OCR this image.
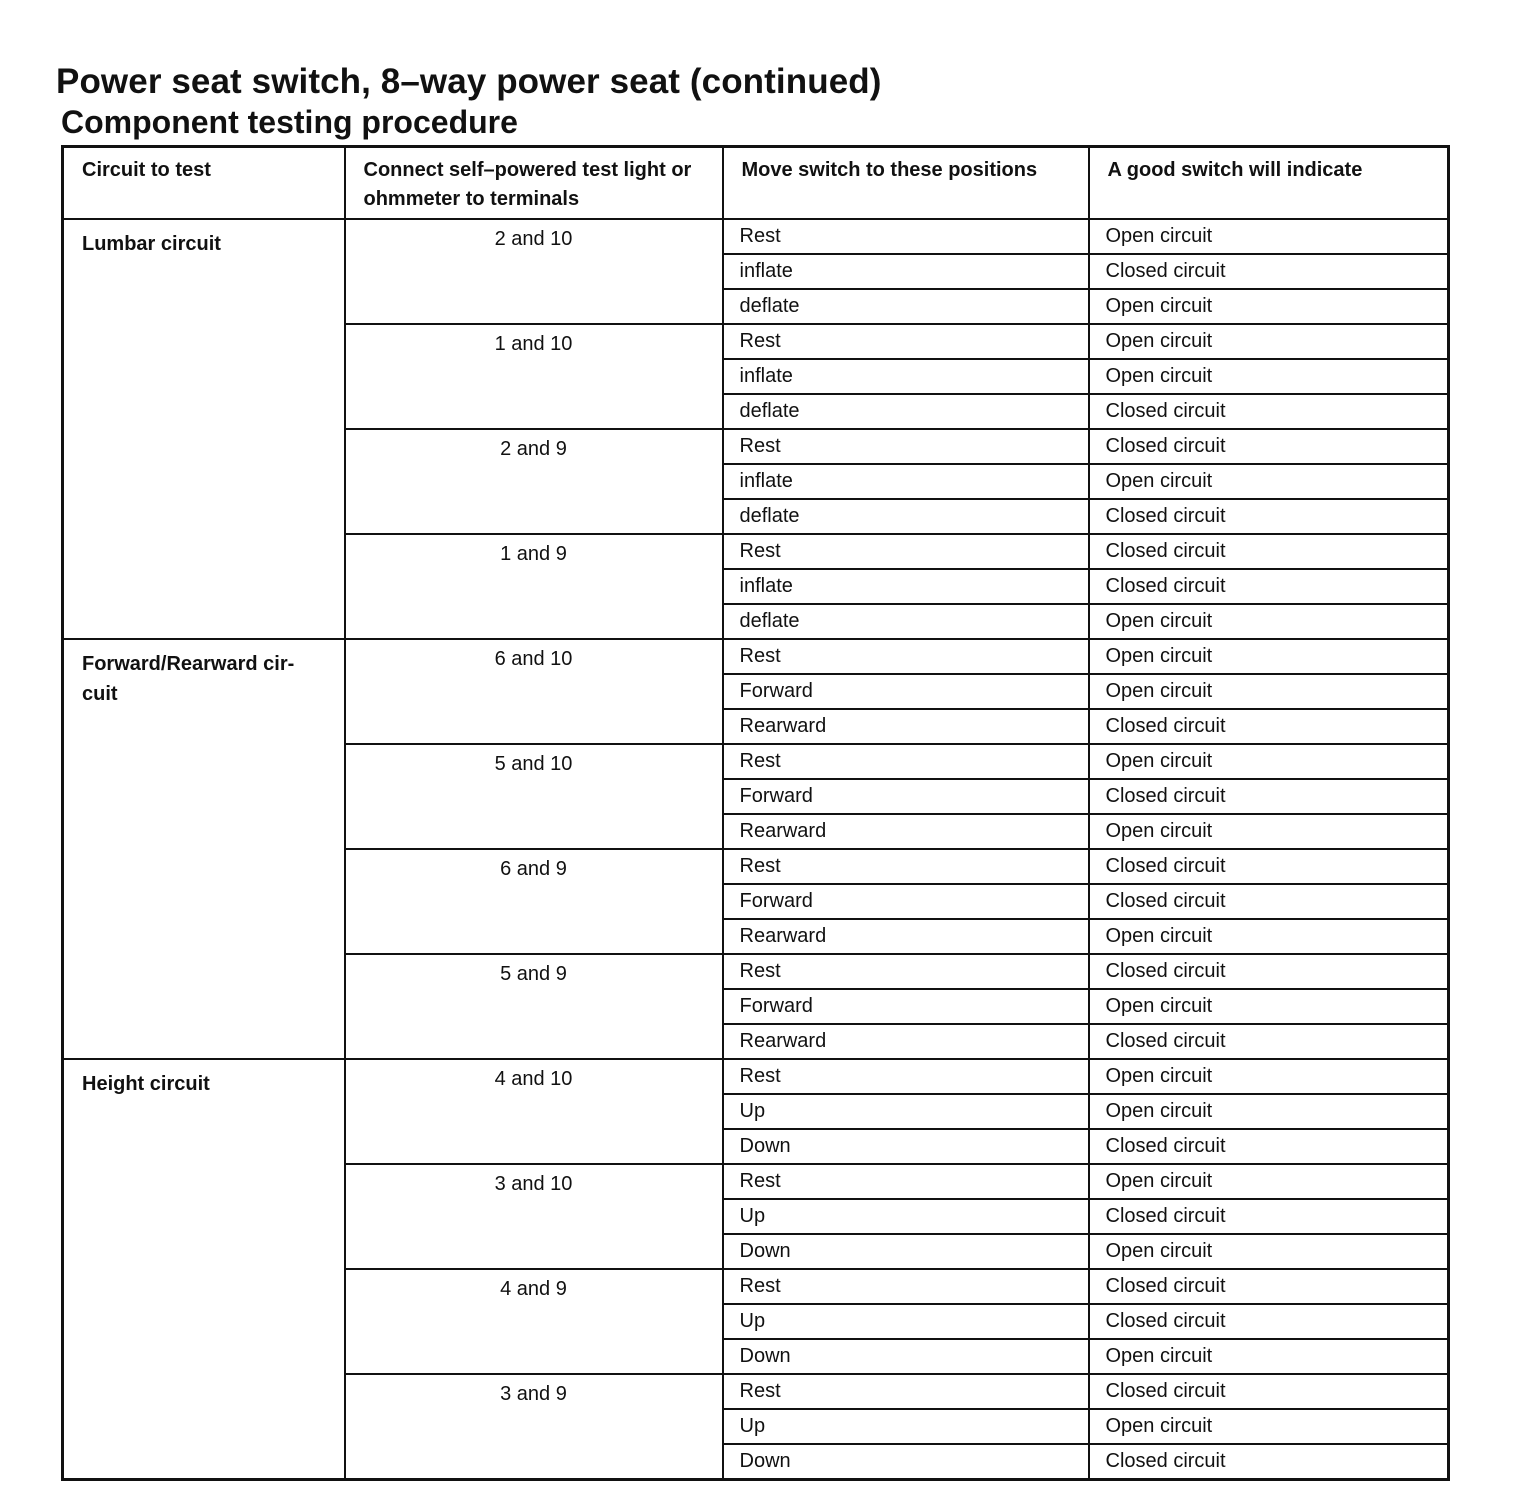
Power seat switch, 8–way power seat (continued)
Component testing procedure
Circuit to test	Connect self–powered test light or ohmmeter to terminals	Move switch to these positions	A good switch will indicate
Lumbar circuit	2 and 10	Rest	Open circuit
		inflate	Closed circuit
		deflate	Open circuit
	1 and 10	Rest	Open circuit
		inflate	Open circuit
		deflate	Closed circuit
	2 and 9	Rest	Closed circuit
		inflate	Open circuit
		deflate	Closed circuit
	1 and 9	Rest	Closed circuit
		inflate	Closed circuit
		deflate	Open circuit
Forward/Rearward cir- cuit	6 and 10	Rest	Open circuit
		Forward	Open circuit
		Rearward	Closed circuit
	5 and 10	Rest	Open circuit
		Forward	Closed circuit
		Rearward	Open circuit
	6 and 9	Rest	Closed circuit
		Forward	Closed circuit
		Rearward	Open circuit
	5 and 9	Rest	Closed circuit
		Forward	Open circuit
		Rearward	Closed circuit
Height circuit	4 and 10	Rest	Open circuit
		Up	Open circuit
		Down	Closed circuit
	3 and 10	Rest	Open circuit
		Up	Closed circuit
		Down	Open circuit
	4 and 9	Rest	Closed circuit
		Up	Closed circuit
		Down	Open circuit
	3 and 9	Rest	Closed circuit
		Up	Open circuit
		Down	Closed circuit
